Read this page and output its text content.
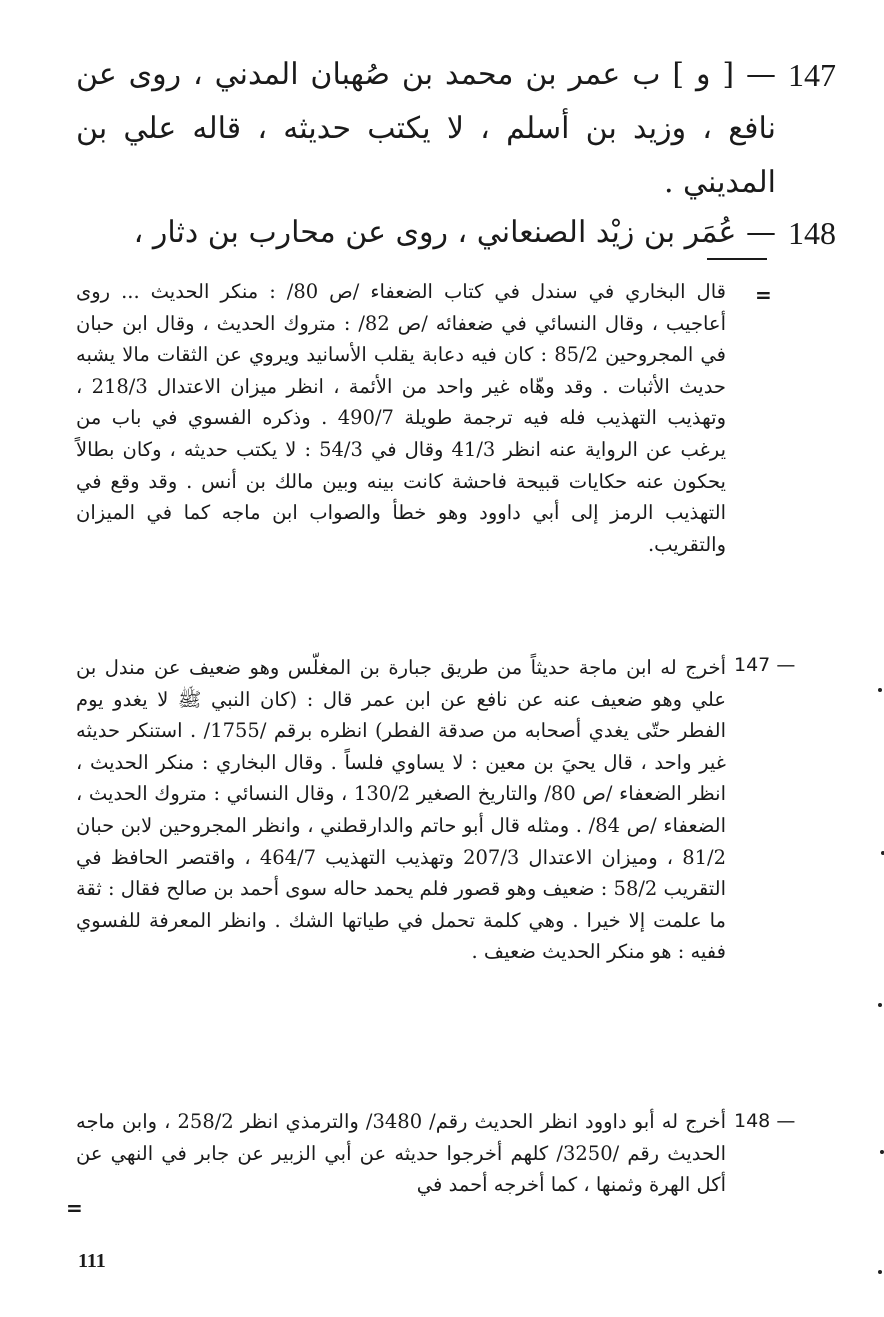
147
— [ و ] ب عمر بن محمد بن صُهبان المدني ، روى عن نافع ، وزيد بن أسلم ، لا يكتب حديثه ، قاله علي بن المديني .
148
— عُمَر بن زيْد الصنعاني ، روى عن محارب بن دثار ،
=
قال البخاري في سندل في كتاب الضعفاء /ص 80/ : منكر الحديث ... روى أعاجيب ، وقال النسائي في ضعفائه /ص 82/ : متروك الحديث ، وقال ابن حبان في المجروحين 85/2 : كان فيه دعابة يقلب الأسانيد ويروي عن الثقات مالا يشبه حديث الأثبات . وقد وهّاه غير واحد من الأئمة ، انظر ميزان الاعتدال 218/3 ، وتهذيب التهذيب فله فيه ترجمة طويلة 490/7 . وذكره الفسوي في باب من يرغب عن الرواية عنه انظر 41/3 وقال في 54/3 : لا يكتب حديثه ، وكان بطالاً يحكون عنه حكايات قبيحة فاحشة كانت بينه وبين مالك بن أنس . وقد وقع في التهذيب الرمز إلى أبي داوود وهو خطأ والصواب ابن ماجه كما في الميزان والتقريب.
147 —
أخرج له ابن ماجة حديثاً من طريق جبارة بن المغلّس وهو ضعيف عن مندل بن علي وهو ضعيف عنه عن نافع عن ابن عمر قال : (كان النبي ﷺ لا يغدو يوم الفطر حتّى يغدي أصحابه من صدقة الفطر) انظره برقم /1755/ . استنكر حديثه غير واحد ، قال يحيَ بن معين : لا يساوي فلساً . وقال البخاري : منكر الحديث ، انظر الضعفاء /ص 80/ والتاريخ الصغير 130/2 ، وقال النسائي : متروك الحديث ، الضعفاء /ص 84/ . ومثله قال أبو حاتم والدارقطني ، وانظر المجروحين لابن حبان 81/2 ، وميزان الاعتدال 207/3 وتهذيب التهذيب 464/7 ، واقتصر الحافظ في التقريب 58/2 : ضعيف وهو قصور فلم يحمد حاله سوى أحمد بن صالح فقال : ثقة ما علمت إلا خيرا . وهي كلمة تحمل في طياتها الشك . وانظر المعرفة للفسوي ففيه : هو منكر الحديث ضعيف .
148 —
أخرج له أبو داوود انظر الحديث رقم/ 3480/ والترمذي انظر 258/2 ، وابن ماجه الحديث رقم /3250/ كلهم أخرجوا حديثه عن أبي الزبير عن جابر في النهي عن أكل الهرة وثمنها ، كما أخرجه أحمد في
=
111
